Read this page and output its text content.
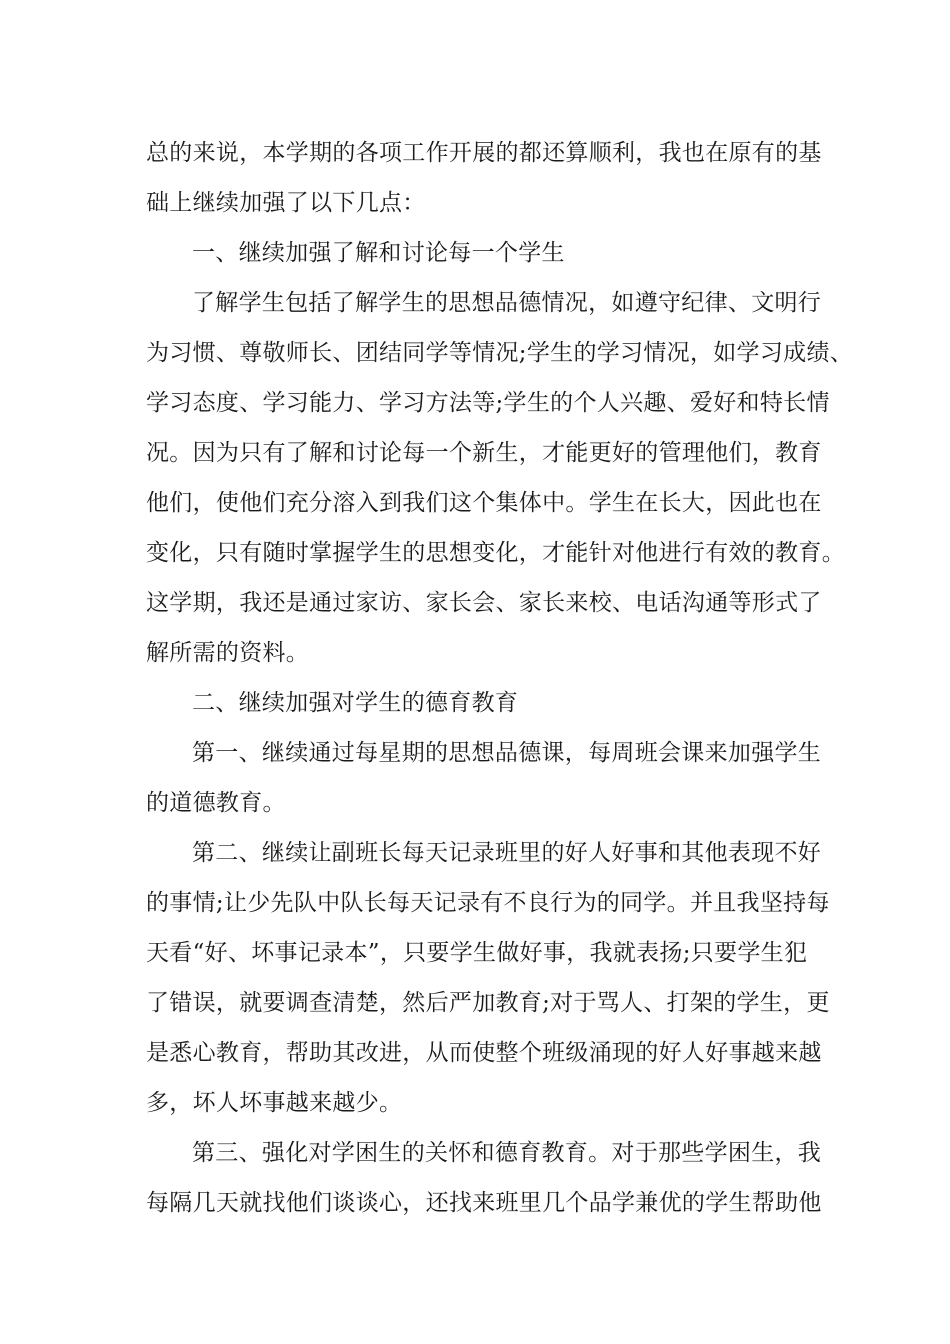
总的来说，本学期的各项工作开展的都还算顺利，我也在原有的基
础上继续加强了以下几点：
一、继续加强了解和讨论每一个学生
了解学生包括了解学生的思想品德情况，如遵守纪律、文明行
为习惯、尊敬师长、团结同学等情况;学生的学习情况，如学习成绩、
学习态度、学习能力、学习方法等;学生的个人兴趣、爱好和特长情
况。因为只有了解和讨论每一个新生，才能更好的管理他们，教育
他们，使他们充分溶入到我们这个集体中。学生在长大，因此也在
变化，只有随时掌握学生的思想变化，才能针对他进行有效的教育。
这学期，我还是通过家访、家长会、家长来校、电话沟通等形式了
解所需的资料。
二、继续加强对学生的德育教育
第一、继续通过每星期的思想品德课，每周班会课来加强学生
的道德教育。
第二、继续让副班长每天记录班里的好人好事和其他表现不好
的事情;让少先队中队长每天记录有不良行为的同学。并且我坚持每
天看“好、坏事记录本”，只要学生做好事，我就表扬;只要学生犯
了错误，就要调查清楚，然后严加教育;对于骂人、打架的学生，更
是悉心教育，帮助其改进，从而使整个班级涌现的好人好事越来越
多，坏人坏事越来越少。
第三、强化对学困生的关怀和德育教育。对于那些学困生，我
每隔几天就找他们谈谈心，还找来班里几个品学兼优的学生帮助他
